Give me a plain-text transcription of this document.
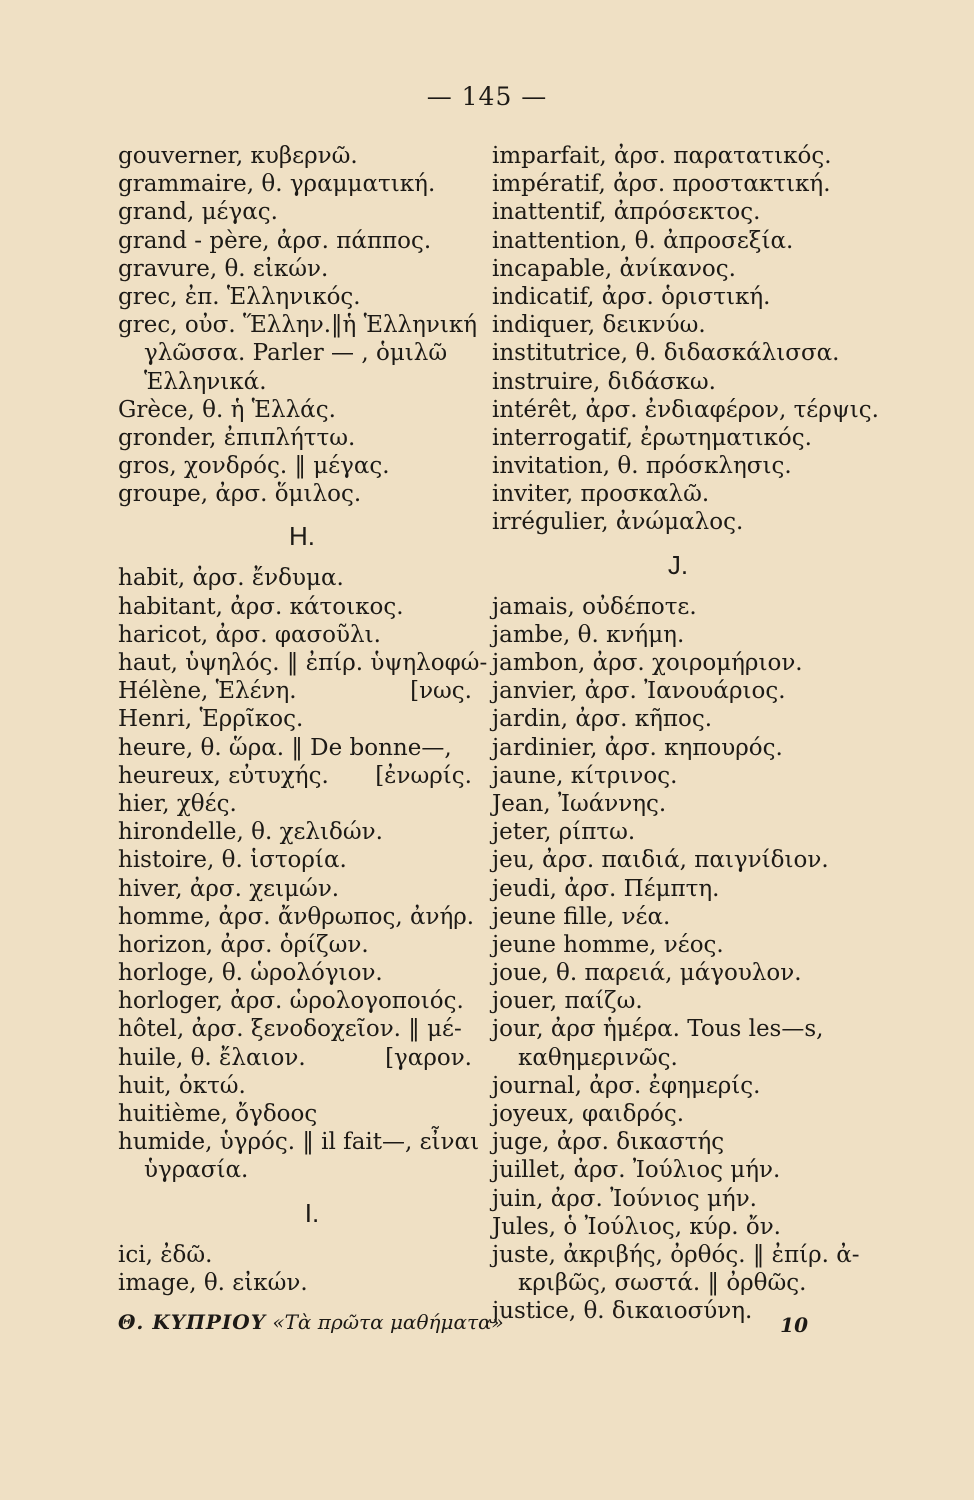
— 145 —
gouverner, κυβερνῶ.
grammaire, θ. γραμματική.
grand, μέγας.
grand - père, ἀρσ. πάππος.
gravure, θ. εἰκών.
grec, ἐπ. Ἑλληνικός.
grec, οὐσ. Ἕλλην.‖ἡ Ἑλληνική
γλῶσσα. Parler — , ὁμιλῶ
Ἑλληνικά.
Grèce, θ. ἡ Ἑλλάς.
gronder, ἐπιπλήττω.
gros, χονδρός. ‖ μέγας.
groupe, ἀρσ. ὅμιλος.
H.
habit, ἀρσ. ἔνδυμα.
habitant, ἀρσ. κάτοικος.
haricot, ἀρσ. φασοῦλι.
haut, ὑψηλός. ‖ ἐπίρ. ὑψηλοφώ-
Hélène, Ἑλένη.	[νως.
Henri, Ἑρρῖκος.
heure, θ. ὥρα. ‖ De bonne—,
heureux, εὐτυχής. [ἐνωρίς.
hier, χθές.
hirondelle, θ. χελιδών.
histoire, θ. ἱστορία.
hiver, ἀρσ. χειμών.
homme, ἀρσ. ἄνθρωπος, ἀνήρ.
horizon, ἀρσ. ὁρίζων.
horloge, θ. ὡρολόγιον.
horloger, ἀρσ. ὡρολογοποιός.
hôtel, ἀρσ. ξενοδοχεῖον. ‖ μέ-
huile, θ. ἔλαιον.	[γαρον.
huit, ὀκτώ.
huitième, ὄγδοος
humide, ὑγρός. ‖ il fait—, εἶναι
ὑγρασία.
I.
ici, ἐδῶ.
image, θ. εἰκών.
imparfait, ἀρσ. παρατατικός.
impératif, ἀρσ. προστακτική.
inattentif, ἀπρόσεκτος.
inattention, θ. ἀπροσεξία.
incapable, ἀνίκανος.
indicatif, ἀρσ. ὁριστική.
indiquer, δεικνύω.
institutrice, θ. διδασκάλισσα.
instruire, διδάσκω.
intérêt, ἀρσ. ἐνδιαφέρον, τέρψις.
interrogatif, ἐρωτηματικός.
invitation, θ. πρόσκλησις.
inviter, προσκαλῶ.
irrégulier, ἀνώμαλος.
J.
jamais, οὐδέποτε.
jambe, θ. κνήμη.
jambon, ἀρσ. χοιρομήριον.
janvier, ἀρσ. Ἰανουάριος.
jardin, ἀρσ. κῆπος.
jardinier, ἀρσ. κηπουρός.
jaune, κίτρινος.
Jean, Ἰωάννης.
jeter, ρίπτω.
jeu, ἀρσ. παιδιά, παιγνίδιον.
jeudi, ἀρσ. Πέμπτη.
jeune fille, νέα.
jeune homme, νέος.
joue, θ. παρειά, μάγουλον.
jouer, παίζω.
jour, ἀρσ ἡμέρα. Tous les—s,
καθημερινῶς.
journal, ἀρσ. ἐφημερίς.
joyeux, φαιδρός.
juge, ἀρσ. δικαστής
juillet, ἀρσ. Ἰούλιος μήν.
juin, ἀρσ. Ἰούνιος μήν.
Jules, ὁ Ἰούλιος, κύρ. ὄν.
juste, ἀκριβής, ὀρθός. ‖ ἐπίρ. ἀ-
κριβῶς, σωστά. ‖ ὀρθῶς.
justice, θ. δικαιοσύνη.
Θ. ΚΥΠΡΙΟΥ «Τὰ πρῶτα μαθήματα»	10
